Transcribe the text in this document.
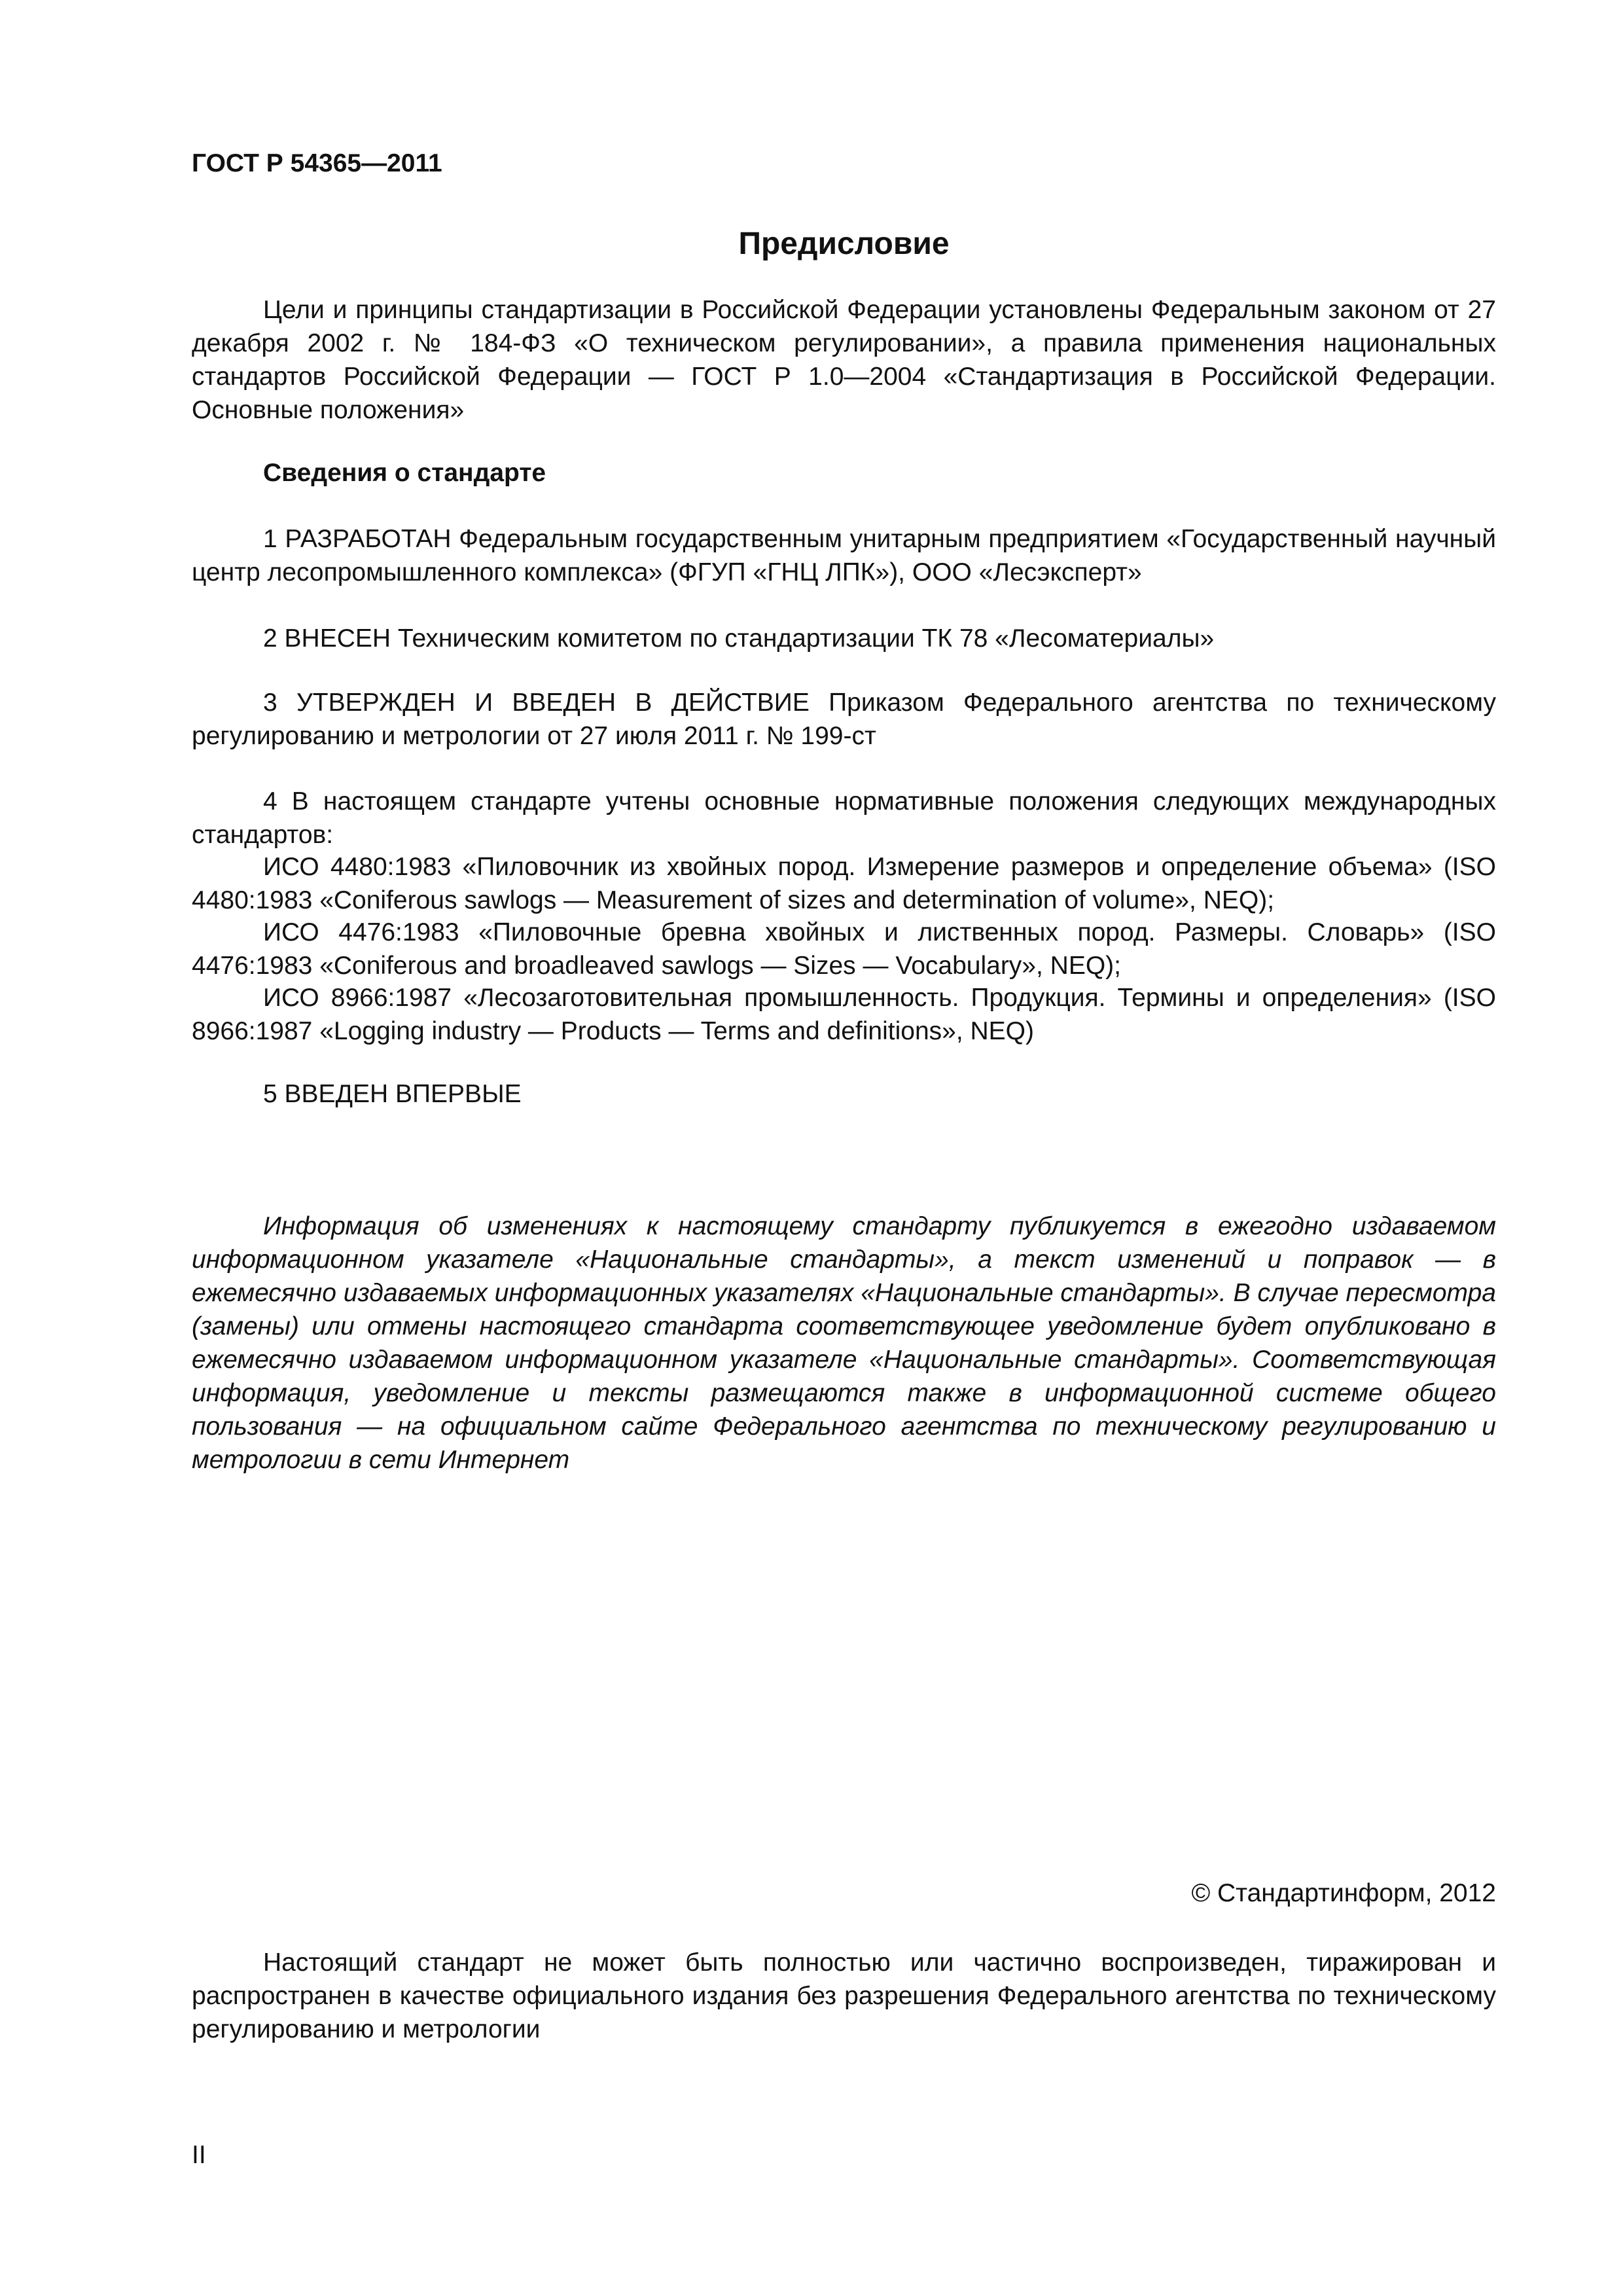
ГОСТ Р 54365—2011

Предисловие

Цели и принципы стандартизации в Российской Федерации установлены Федеральным законом от 27 декабря 2002 г. № 184-ФЗ «О техническом регулировании», а правила применения национальных стандартов Российской Федерации — ГОСТ Р 1.0—2004 «Стандартизация в Российской Федерации. Основные положения»

Сведения о стандарте

1 РАЗРАБОТАН Федеральным государственным унитарным предприятием «Государственный научный центр лесопромышленного комплекса» (ФГУП «ГНЦ ЛПК»), ООО «Лесэксперт»

2 ВНЕСЕН Техническим комитетом по стандартизации ТК 78 «Лесоматериалы»

3 УТВЕРЖДЕН И ВВЕДЕН В ДЕЙСТВИЕ Приказом Федерального агентства по техническому регулированию и метрологии от 27 июля 2011 г. № 199-ст

4 В настоящем стандарте учтены основные нормативные положения следующих международных стандартов:

ИСО 4480:1983 «Пиловочник из хвойных пород. Измерение размеров и определение объема» (ISO 4480:1983 «Coniferous sawlogs — Measurement of sizes and determination of volume», NEQ);

ИСО 4476:1983 «Пиловочные бревна хвойных и лиственных пород. Размеры. Словарь» (ISO 4476:1983 «Coniferous and broadleaved sawlogs — Sizes — Vocabulary», NEQ);

ИСО 8966:1987 «Лесозаготовительная промышленность. Продукция. Термины и определения» (ISO 8966:1987 «Logging industry — Products — Terms and definitions», NEQ)

5 ВВЕДЕН ВПЕРВЫЕ

Информация об изменениях к настоящему стандарту публикуется в ежегодно издаваемом информационном указателе «Национальные стандарты», а текст изменений и поправок — в ежемесячно издаваемых информационных указателях «Национальные стандарты». В случае пересмотра (замены) или отмены настоящего стандарта соответствующее уведомление будет опубликовано в ежемесячно издаваемом информационном указателе «Национальные стандарты». Соответствующая информация, уведомление и тексты размещаются также в информационной системе общего пользования — на официальном сайте Федерального агентства по техническому регулированию и метрологии в сети Интернет

© Стандартинформ, 2012

Настоящий стандарт не может быть полностью или частично воспроизведен, тиражирован и распространен в качестве официального издания без разрешения Федерального агентства по техническому регулированию и метрологии

II
